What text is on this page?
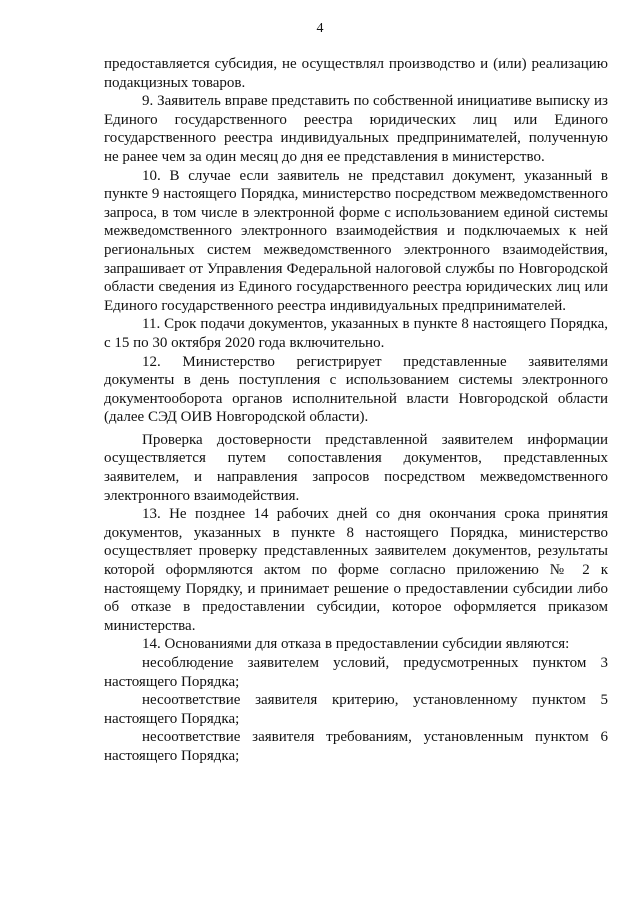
4

предоставляется субсидия, не осуществлял производство и (или) реализацию подакцизных товаров.

9. Заявитель вправе представить по собственной инициативе выписку из Единого государственного реестра юридических лиц или Единого государственного реестра индивидуальных предпринимателей, полученную не ранее чем за один месяц до дня ее представления в министерство.

10. В случае если заявитель не представил документ, указанный в пункте 9 настоящего Порядка, министерство посредством межведомственного запроса, в том числе в электронной форме с использованием единой системы межведомственного электронного взаимодействия и подключаемых к ней региональных систем межведомственного электронного взаимодействия, запрашивает от Управления Федеральной налоговой службы по Новгородской области сведения из Единого государственного реестра юридических лиц или Единого государственного реестра индивидуальных предпринимателей.

11. Срок подачи документов, указанных в пункте 8 настоящего Порядка, с 15 по 30 октября 2020 года включительно.

12. Министерство регистрирует представленные заявителями документы в день поступления с использованием системы электронного документооборота органов исполнительной власти Новгородской области (далее СЭД ОИВ Новгородской области).

Проверка достоверности представленной заявителем информации осуществляется путем сопоставления документов, представленных заявителем, и направления запросов посредством межведомственного электронного взаимодействия.

13. Не позднее 14 рабочих дней со дня окончания срока принятия документов, указанных в пункте 8 настоящего Порядка, министерство осуществляет проверку представленных заявителем документов, результаты которой оформляются актом по форме согласно приложению № 2 к настоящему Порядку, и принимает решение о предоставлении субсидии либо об отказе в предоставлении субсидии, которое оформляется приказом министерства.

14. Основаниями для отказа в предоставлении субсидии являются:

несоблюдение заявителем условий, предусмотренных пунктом 3 настоящего Порядка;

несоответствие заявителя критерию, установленному пунктом 5 настоящего Порядка;

несоответствие заявителя требованиям, установленным пунктом 6 настоящего Порядка;
